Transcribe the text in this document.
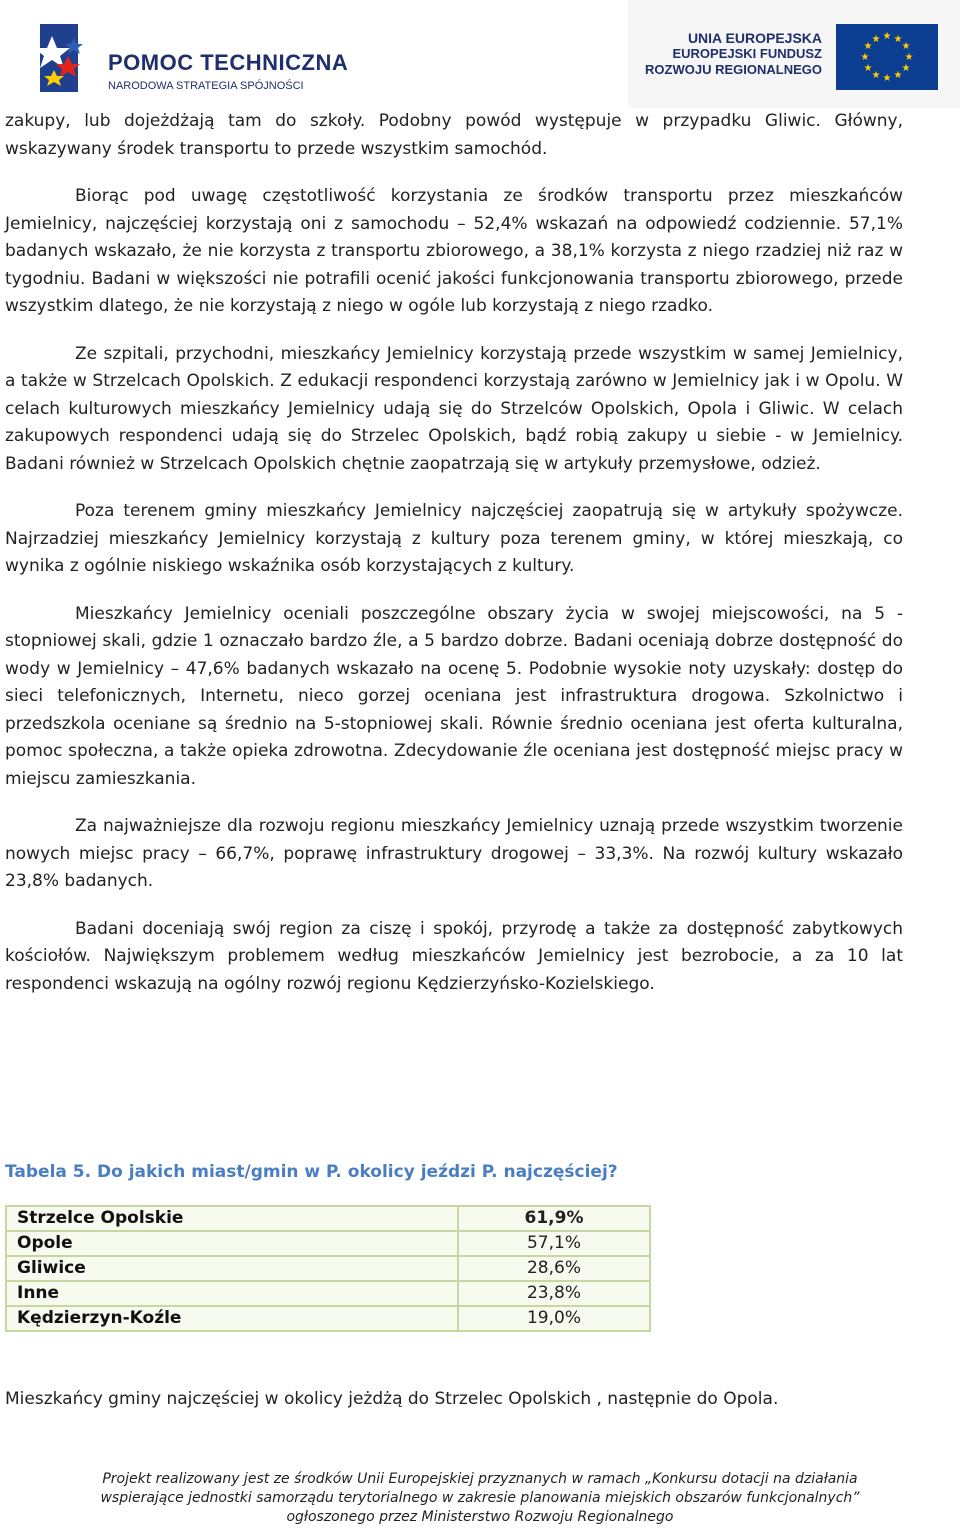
POMOC TECHNICZNA
NARODOWA STRATEGIA SPÓJNOŚCI
UNIA EUROPEJSKA
EUROPEJSKI FUNDUSZ
ROZWOJU REGIONALNEGO
★ ★
★
★
★
★
★
★
★
★
★
★

zakupy, lub dojeżdżają tam do szkoły. Podobny powód występuje w przypadku Gliwic. Główny, wskazywany środek transportu to przede wszystkim samochód.

Biorąc pod uwagę częstotliwość korzystania ze środków transportu przez mieszkańców Jemielnicy, najczęściej korzystają oni z samochodu – 52,4% wskazań na odpowiedź codziennie. 57,1% badanych wskazało, że nie korzysta z transportu zbiorowego, a 38,1% korzysta z niego rzadziej niż raz w tygodniu. Badani w większości nie potrafili ocenić jakości funkcjonowania transportu zbiorowego, przede wszystkim dlatego, że nie korzystają z niego w ogóle lub korzystają z niego rzadko.

Ze szpitali, przychodni, mieszkańcy Jemielnicy korzystają przede wszystkim w samej Jemielnicy, a także w Strzelcach Opolskich. Z edukacji respondenci korzystają zarówno w Jemielnicy jak i w Opolu. W celach kulturowych mieszkańcy Jemielnicy udają się do Strzelców Opolskich, Opola i Gliwic. W celach zakupowych respondenci udają się do Strzelec Opolskich, bądź robią zakupy u siebie - w Jemielnicy. Badani również w Strzelcach Opolskich chętnie zaopatrzają się w artykuły przemysłowe, odzież.

Poza terenem gminy mieszkańcy Jemielnicy najczęściej zaopatrują się w artykuły spożywcze. Najrzadziej mieszkańcy Jemielnicy korzystają z kultury poza terenem gminy, w której mieszkają, co wynika z ogólnie niskiego wskaźnika osób korzystających z kultury.

Mieszkańcy Jemielnicy oceniali poszczególne obszary życia w swojej miejscowości, na 5 - stopniowej skali, gdzie 1 oznaczało bardzo źle, a 5 bardzo dobrze. Badani oceniają dobrze dostępność do wody w Jemielnicy – 47,6% badanych wskazało na ocenę 5. Podobnie wysokie noty uzyskały: dostęp do sieci telefonicznych, Internetu, nieco gorzej oceniana jest infrastruktura drogowa. Szkolnictwo i przedszkola oceniane są średnio na 5-stopniowej skali. Równie średnio oceniana jest oferta kulturalna, pomoc społeczna, a także opieka zdrowotna. Zdecydowanie źle oceniana jest dostępność miejsc pracy w miejscu zamieszkania.

Za najważniejsze dla rozwoju regionu mieszkańcy Jemielnicy uznają przede wszystkim tworzenie nowych miejsc pracy – 66,7%, poprawę infrastruktury drogowej – 33,3%. Na rozwój kultury wskazało 23,8% badanych.

Badani doceniają swój region za ciszę i spokój, przyrodę a także za dostępność zabytkowych kościołów. Największym problemem według mieszkańców Jemielnicy jest bezrobocie, a za 10 lat respondenci wskazują na ogólny rozwój regionu Kędzierzyńsko-Kozielskiego.

Tabela 5. Do jakich miast/gmin w P. okolicy jeździ P. najczęściej?
Strzelce Opolskie	61,9%
Opole	57,1%
Gliwice	28,6%
Inne	23,8%
Kędzierzyn-Koźle	19,0%
Mieszkańcy gminy najczęściej w okolicy jeżdżą do Strzelec Opolskich , następnie do Opola.
Projekt realizowany jest ze środków Unii Europejskiej przyznanych w ramach „Konkursu dotacji na działania
wspierające jednostki samorządu terytorialnego w zakresie planowania miejskich obszarów funkcjonalnych”
ogłoszonego przez Ministerstwo Rozwoju Regionalnego
